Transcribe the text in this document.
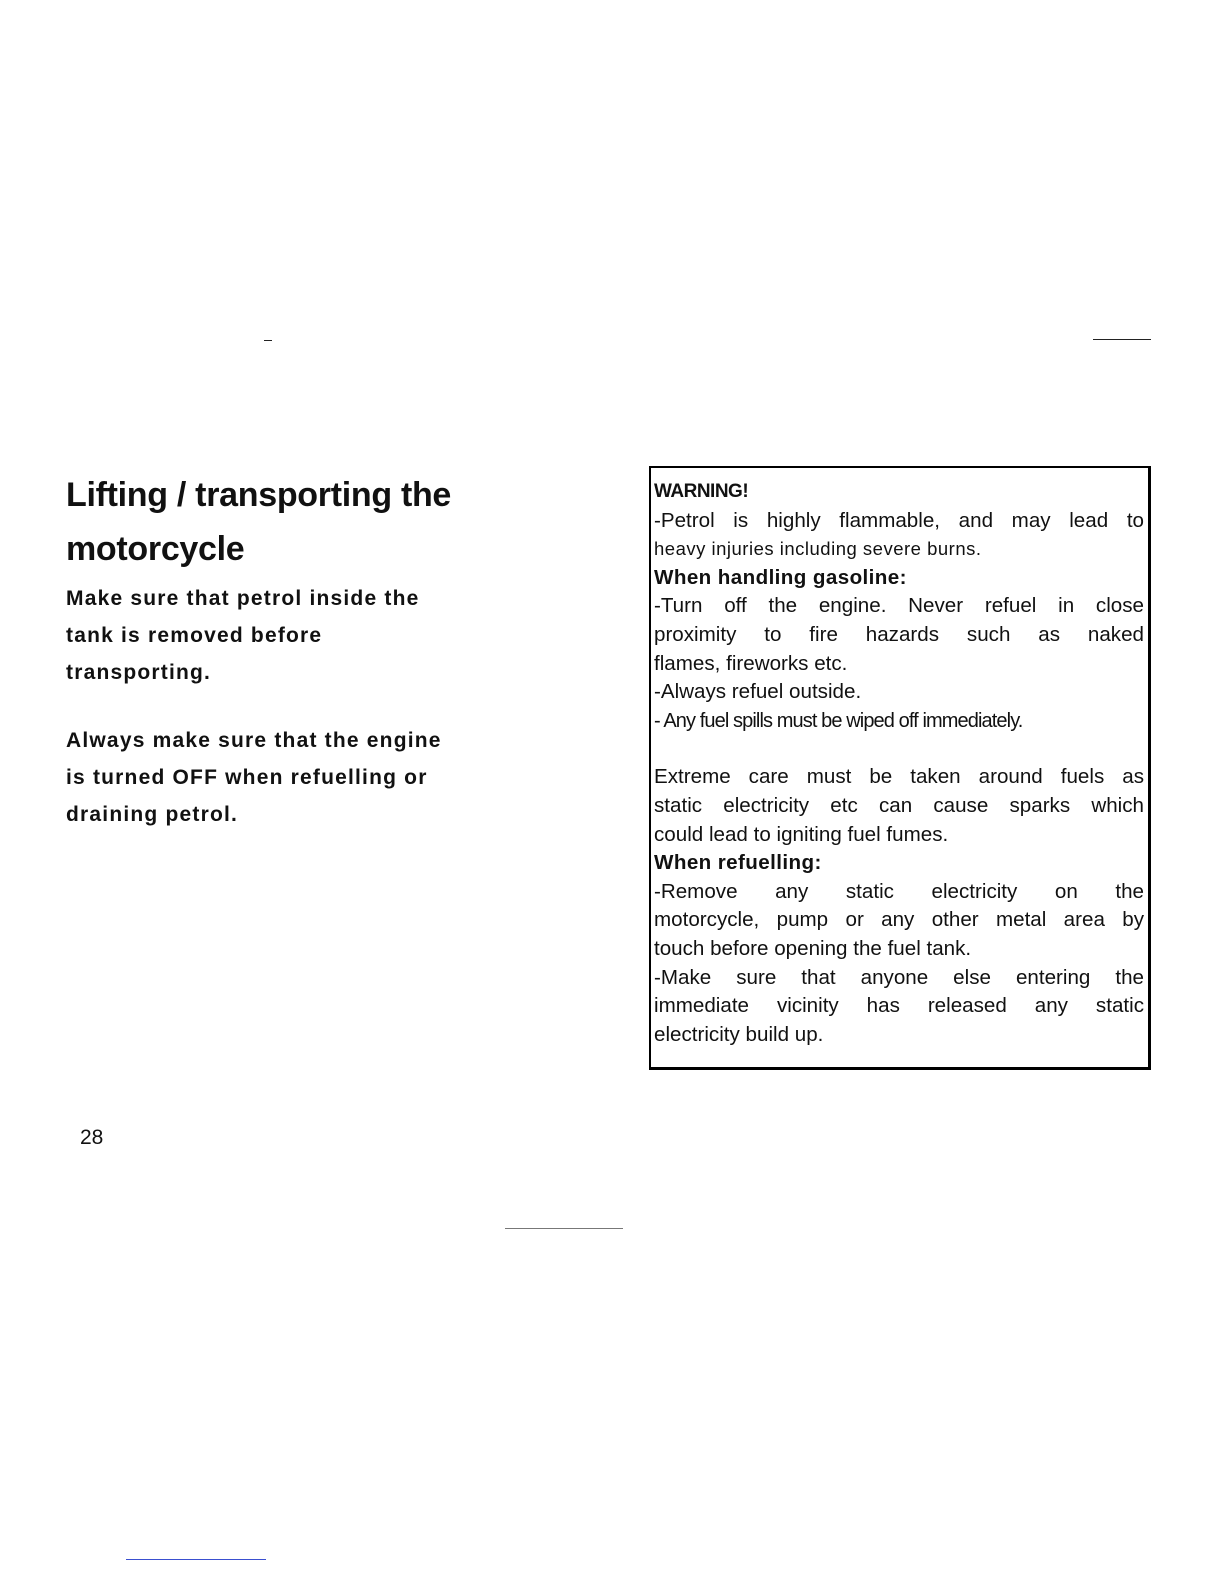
Lifting / transporting the
motorcycle

Make sure that petrol inside the
tank is removed before
transporting.

Always make sure that the engine
is turned OFF when refuelling or
draining petrol.

28
WARNING!
-Petrol is highly flammable, and may lead to
heavy injuries including severe burns.
When handling gasoline:
-Turn off the engine. Never refuel in close
proximity to fire hazards such as naked
flames, fireworks etc.
-Always refuel outside.
- Any fuel spills must be wiped off immediately.
Extreme care must be taken around fuels as
static electricity etc can cause sparks which
could lead to igniting fuel fumes.
When refuelling:
-Remove any static electricity on the
motorcycle, pump or any other metal area by
touch before opening the fuel tank.
-Make sure that anyone else entering the
immediate vicinity has released any static
electricity build up.
